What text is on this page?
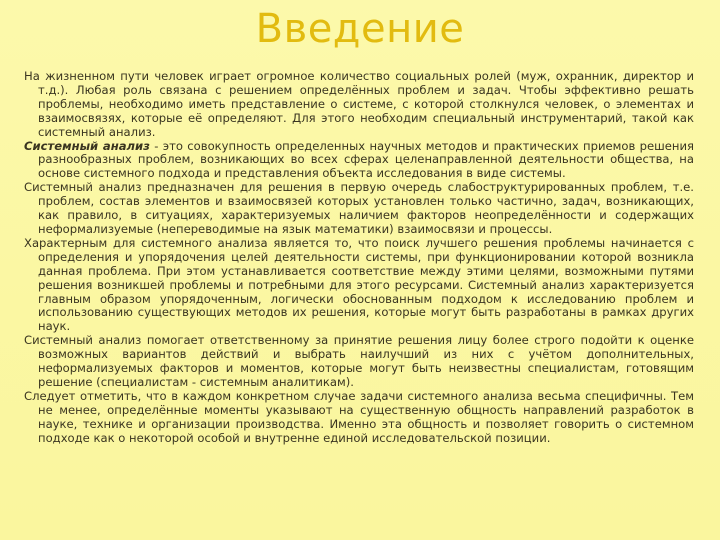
Введение

На жизненном пути человек играет огромное количество социальных ролей (муж, охранник, директор и т.д.). Любая роль связана с решением определённых проблем и задач. Чтобы эффективно решать проблемы, необходимо иметь представление о системе, с которой столкнулся человек, о элементах и взаимосвязях, которые её определяют. Для этого необходим специальный инструментарий, такой как системный анализ.

Системный анализ - это совокупность определенных научных методов и практических приемов решения разнообразных проблем, возникающих во всех сферах целенаправленной деятельности общества, на основе системного подхода и представления объекта исследования в виде системы.

Системный анализ предназначен для решения в первую очередь слабоструктурированных проблем, т.е. проблем, состав элементов и взаимосвязей которых установлен только частично, задач, возникающих, как правило, в ситуациях, характеризуемых наличием факторов неопределённости и содержащих неформализуемые (непереводимые на язык математики) взаимосвязи и процессы.

Характерным для системного анализа является то, что поиск лучшего решения проблемы начинается с определения и упорядочения целей деятельности системы, при функционировании которой возникла данная проблема. При этом устанавливается соответствие между этими целями, возможными путями решения возникшей проблемы и потребными для этого ресурсами. Системный анализ характеризуется главным образом упорядоченным, логически обоснованным подходом к исследованию проблем и использованию существующих методов их решения, которые могут быть разработаны в рамках других наук.

Системный анализ помогает ответственному за принятие решения лицу более строго подойти к оценке возможных вариантов действий и выбрать наилучший из них с учётом дополнительных, неформализуемых факторов и моментов, которые могут быть неизвестны специалистам, готовящим решение (специалистам - системным аналитикам).

Следует отметить, что в каждом конкретном случае задачи системного анализа весьма специфичны. Тем не менее, определённые моменты указывают на существенную общность направлений разработок в науке, технике и организации производства. Именно эта общность и позволяет говорить о системном подходе как о некоторой особой и внутренне единой исследовательской позиции.
